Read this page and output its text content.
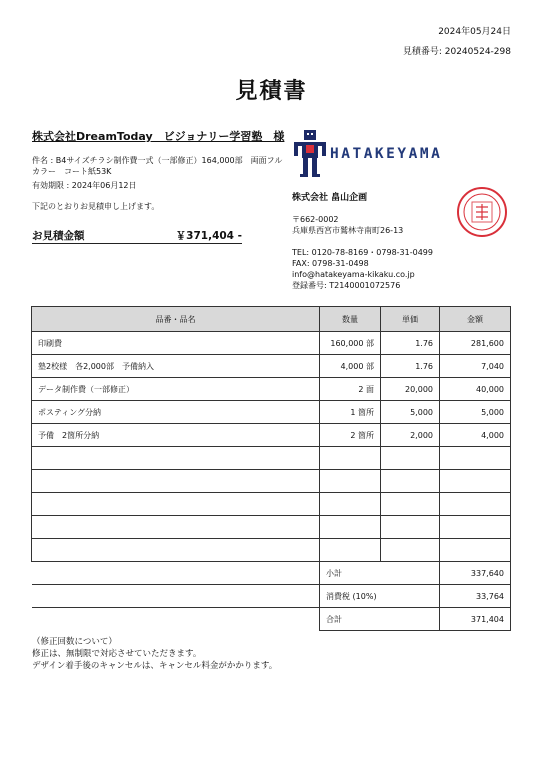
2024年05月24日
見積番号: 20240524-298
見積書
株式会社DreamToday　ビジョナリー学習塾　様
件名 : B4サイズチラシ制作費一式（一部修正）164,000部　両面フルカラー　コート紙53K
有効期限 : 2024年06月12日
下記のとおりお見積申し上げます。
お見積金額	￥371,404 -
HATAKEYAMA
株式会社 畠山企画
〒662-0002
兵庫県西宮市鷲林寺南町26-13
TEL: 0120-78-8169・0798-31-0499
FAX: 0798-31-0498
info@hatakeyama-kikaku.co.jp
登録番号: T2140001072576
品番・品名	数量	単価	金額
印刷費	160,000 部	1.76	281,600
塾2校様　各2,000部　予備納入	4,000 部	1.76	7,040
データ制作費（一部修正）	2 面	20,000	40,000
ポスティング分納	1 箇所	5,000	5,000
予備　2箇所分納	2 箇所	2,000	4,000

	小計		337,640
	消費税 (10%)		33,764
	合計		371,404
（修正回数について）
修正は、無制限で対応させていただきます。
デザイン着手後のキャンセルは、キャンセル料金がかかります。
